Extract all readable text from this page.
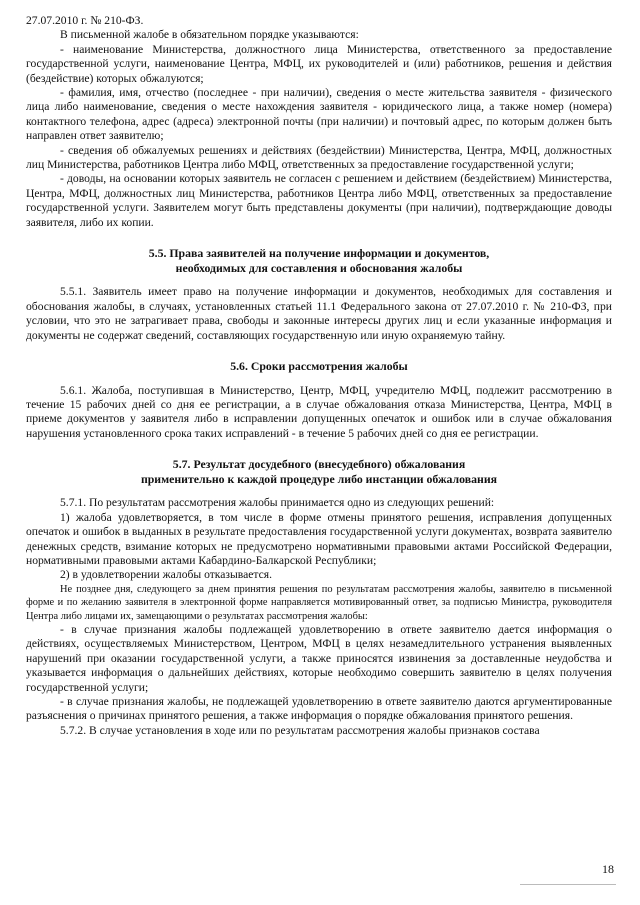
27.07.2010 г. № 210-ФЗ.

В письменной жалобе в обязательном порядке указываются:

- наименование Министерства, должностного лица Министерства, ответственного за предоставление государственной услуги, наименование Центра, МФЦ, их руководителей и (или) работников, решения и действия (бездействие) которых обжалуются;

- фамилия, имя, отчество (последнее - при наличии), сведения о месте жительства заявителя - физического лица либо наименование, сведения о месте нахождения заявителя - юридического лица, а также номер (номера) контактного телефона, адрес (адреса) электронной почты (при наличии) и почтовый адрес, по которым должен быть направлен ответ заявителю;

- сведения об обжалуемых решениях и действиях (бездействии) Министерства, Центра, МФЦ, должностных лиц Министерства, работников Центра либо МФЦ, ответственных за предоставление государственной услуги;

- доводы, на основании которых заявитель не согласен с решением и действием (бездействием) Министерства, Центра, МФЦ, должностных лиц Министерства, работников Центра либо МФЦ, ответственных за предоставление государственной услуги. Заявителем могут быть представлены документы (при наличии), подтверждающие доводы заявителя, либо их копии.

5.5. Права заявителей на получение информации и документов,
необходимых для составления и обоснования жалобы

5.5.1. Заявитель имеет право на получение информации и документов, необходимых для составления и обоснования жалобы, в случаях, установленных статьей 11.1 Федерального закона от 27.07.2010 г. № 210-ФЗ, при условии, что это не затрагивает права, свободы и законные интересы других лиц и если указанные информация и документы не содержат сведений, составляющих государственную или иную охраняемую тайну.

5.6. Сроки рассмотрения жалобы

5.6.1. Жалоба, поступившая в Министерство, Центр, МФЦ, учредителю МФЦ, подлежит рассмотрению в течение 15 рабочих дней со дня ее регистрации, а в случае обжалования отказа Министерства, Центра, МФЦ в приеме документов у заявителя либо в исправлении допущенных опечаток и ошибок или в случае обжалования нарушения установленного срока таких исправлений - в течение 5 рабочих дней со дня ее регистрации.

5.7. Результат досудебного (внесудебного) обжалования
применительно к каждой процедуре либо инстанции обжалования

5.7.1. По результатам рассмотрения жалобы принимается одно из следующих решений:

1) жалоба удовлетворяется, в том числе в форме отмены принятого решения, исправления допущенных опечаток и ошибок в выданных в результате предоставления государственной услуги документах, возврата заявителю денежных средств, взимание которых не предусмотрено нормативными правовыми актами Российской Федерации, нормативными правовыми актами Кабардино-Балкарской Республики;

2) в удовлетворении жалобы отказывается.

Не позднее дня, следующего за днем принятия решения по результатам рассмотрения жалобы, заявителю в письменной форме и по желанию заявителя в электронной форме направляется мотивированный ответ, за подписью Министра, руководителя Центра либо лицами их, замещающими о результатах рассмотрения жалобы:

- в случае признания жалобы подлежащей удовлетворению в ответе заявителю дается информация о действиях, осуществляемых Министерством, Центром, МФЦ в целях незамедлительного устранения выявленных нарушений при оказании государственной услуги, а также приносятся извинения за доставленные неудобства и указывается информация о дальнейших действиях, которые необходимо совершить заявителю в целях получения государственной услуги;

- в случае признания жалобы, не подлежащей удовлетворению в ответе заявителю даются аргументированные разъяснения о причинах принятого решения, а также информация о порядке обжалования принятого решения.

5.7.2. В случае установления в ходе или по результатам рассмотрения жалобы признаков состава

18
